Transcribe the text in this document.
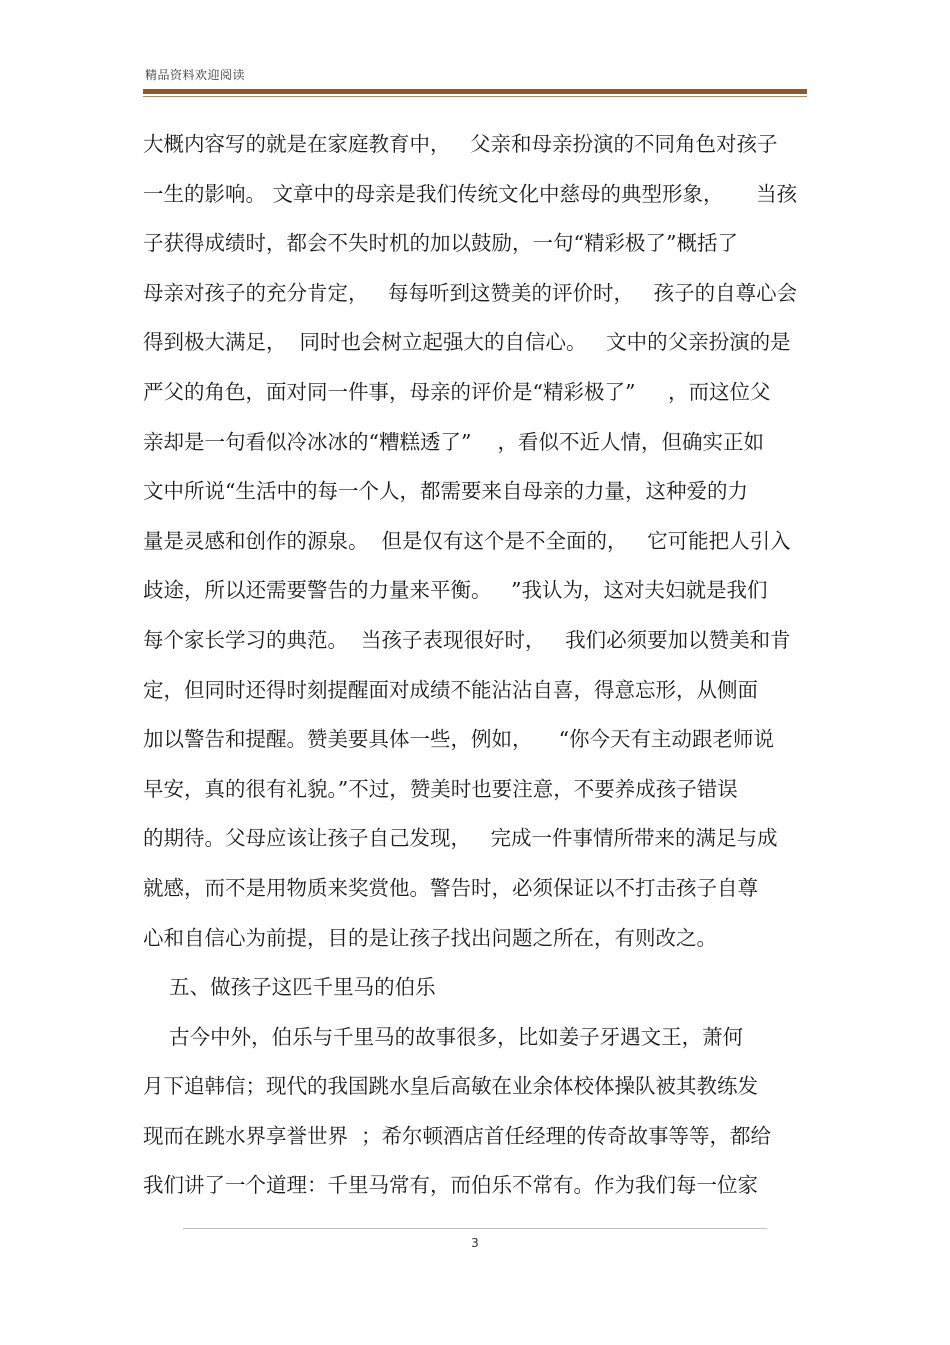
精品资料欢迎阅读
大概内容写的就是在家庭教育中，   父亲和母亲扮演的不同角色对孩子
一生的影响。 文章中的母亲是我们传统文化中慈母的典型形象，     当孩
子获得成绩时，都会不失时机的加以鼓励，一句“精彩极了”概括了
母亲对孩子的充分肯定，   每每听到这赞美的评价时，   孩子的自尊心会
得到极大满足，  同时也会树立起强大的自信心。   文中的父亲扮演的是
严父的角色，面对同一件事，母亲的评价是“精彩极了”     ，而这位父
亲却是一句看似冷冰冰的“糟糕透了”    ，看似不近人情，但确实正如
文中所说“生活中的每一个人，都需要来自母亲的力量，这种爱的力
量是灵感和创作的源泉。  但是仅有这个是不全面的，   它可能把人引入
歧途，所以还需要警告的力量来平衡。   ”我认为，这对夫妇就是我们
每个家长学习的典范。  当孩子表现很好时，   我们必须要加以赞美和肯
定，但同时还得时刻提醒面对成绩不能沾沾自喜，得意忘形，从侧面
加以警告和提醒。赞美要具体一些，例如，    “你今天有主动跟老师说
早安，真的很有礼貌。”不过，赞美时也要注意，不要养成孩子错误
的期待。父母应该让孩子自己发现，   完成一件事情所带来的满足与成
就感，而不是用物质来奖赏他。警告时，必须保证以不打击孩子自尊
心和自信心为前提，目的是让孩子找出问题之所在，有则改之。
五、做孩子这匹千里马的伯乐
古今中外，伯乐与千里马的故事很多，比如姜子牙遇文王，萧何
月下追韩信；现代的我国跳水皇后高敏在业余体校体操队被其教练发
现而在跳水界享誉世界  ；希尔顿酒店首任经理的传奇故事等等，都给
我们讲了一个道理：千里马常有，而伯乐不常有。作为我们每一位家
3
